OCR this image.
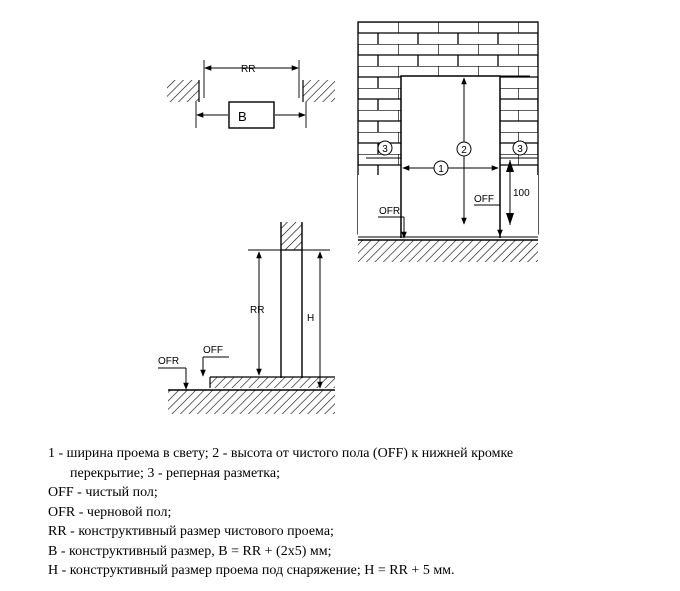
RR
B
2
1
3	3
100
OFF
OFR
RR
H
OFF
OFR
1 - ширина проема в свету; 2 - высота от чистого пола (OFF) к нижней кромке
перекрытие; 3 - реперная разметка;
OFF - чистый пол;
OFR - черновой пол;
RR - конструктивный размер чистового проема;
B - конструктивный размер, B = RR + (2x5) мм;
H - конструктивный размер проема под снаряжение; H = RR + 5 мм.
